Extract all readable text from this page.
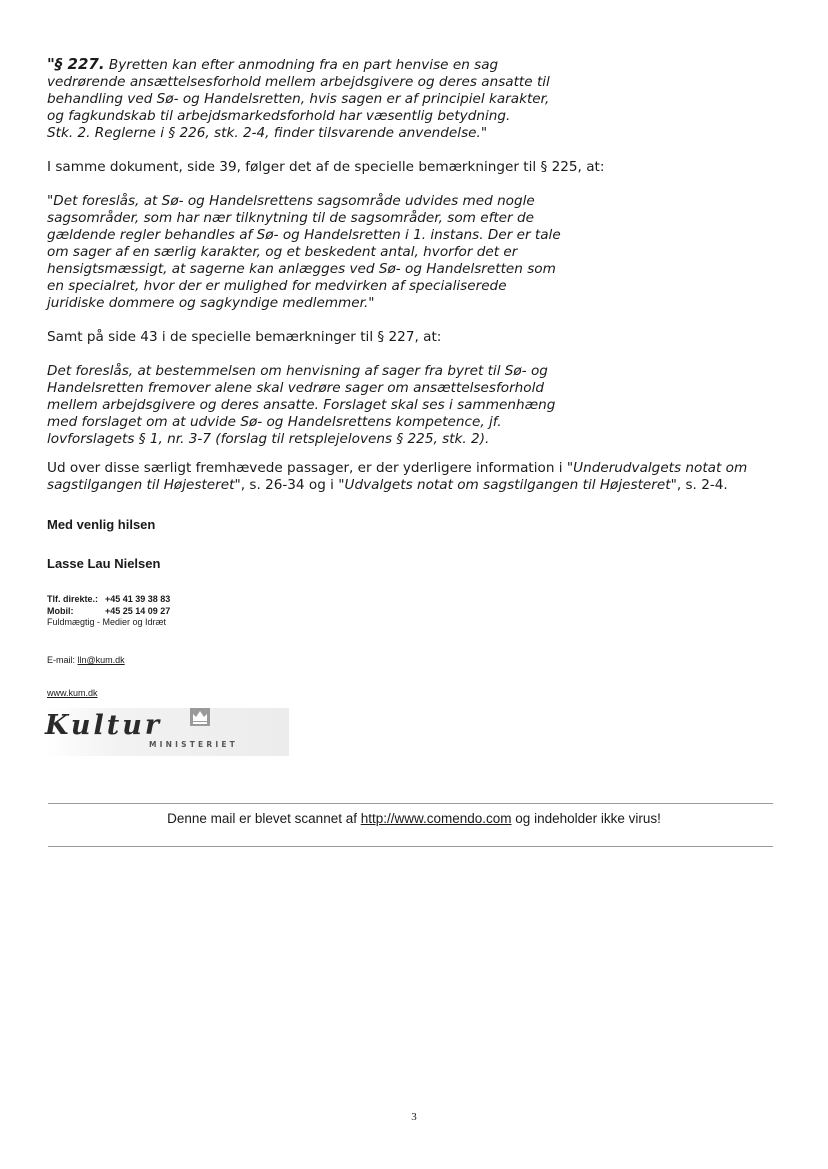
"§ 227. Byretten kan efter anmodning fra en part henvise en sag
vedrørende ansættelsesforhold mellem arbejdsgivere og deres ansatte til
behandling ved Sø- og Handelsretten, hvis sagen er af principiel karakter,
og fagkundskab til arbejdsmarkedsforhold har væsentlig betydning.
Stk. 2. Reglerne i § 226, stk. 2-4, finder tilsvarende anvendelse."
I samme dokument, side 39, følger det af de specielle bemærkninger til § 225, at:
"Det foreslås, at Sø- og Handelsrettens sagsområde udvides med nogle
sagsområder, som har nær tilknytning til de sagsområder, som efter de
gældende regler behandles af Sø- og Handelsretten i 1. instans. Der er tale
om sager af en særlig karakter, og et beskedent antal, hvorfor det er
hensigtsmæssigt, at sagerne kan anlægges ved Sø- og Handelsretten som
en specialret, hvor der er mulighed for medvirken af specialiserede
juridiske dommere og sagkyndige medlemmer."
Samt på side 43 i de specielle bemærkninger til § 227, at:
Det foreslås, at bestemmelsen om henvisning af sager fra byret til Sø- og
Handelsretten fremover alene skal vedrøre sager om ansættelsesforhold
mellem arbejdsgivere og deres ansatte. Forslaget skal ses i sammenhæng
med forslaget om at udvide Sø- og Handelsrettens kompetence, jf.
lovforslagets § 1, nr. 3-7 (forslag til retsplejelovens § 225, stk. 2).
Ud over disse særligt fremhævede passager, er der yderligere information i "Underudvalgets notat om
sagstilgangen til Højesteret", s. 26-34 og i "Udvalgets notat om sagstilgangen til Højesteret", s. 2-4.
Med venlig hilsen
Lasse Lau Nielsen
Tlf. direkte.: +45 41 39 38 83
Mobil:	+45 25 14 09 27
Fuldmægtig - Medier og Idræt
E-mail: lln@kum.dk
www.kum.dk
Kultur
MINISTERIET
Denne mail er blevet scannet af http://www.comendo.com og indeholder ikke virus!
3
